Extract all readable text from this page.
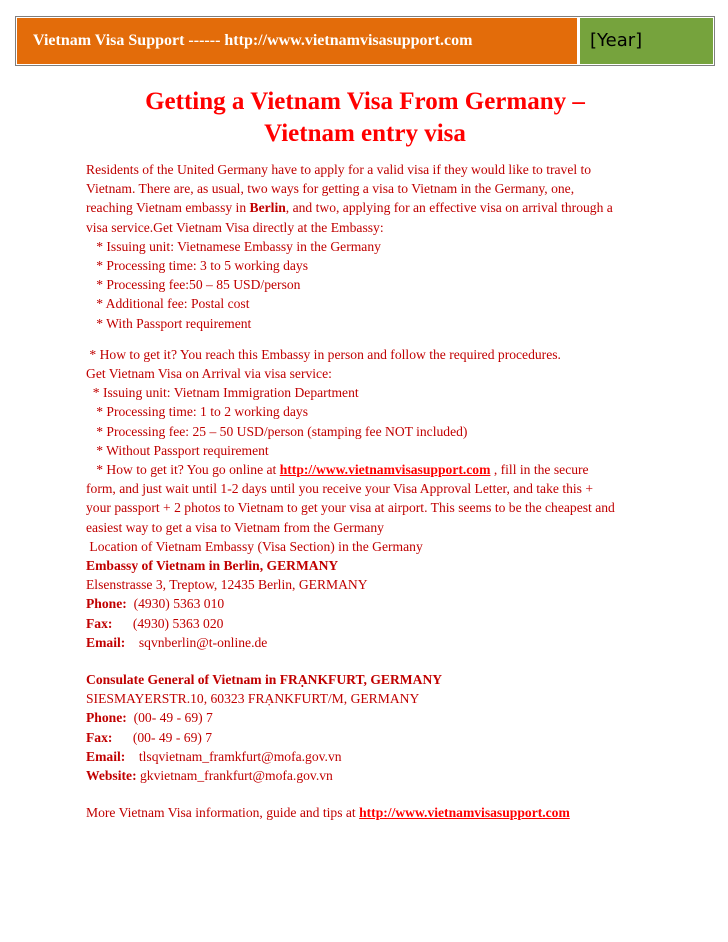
Vietnam Visa Support ------ http://www.vietnamvisasupport.com	[Year]
Getting a Vietnam Visa From Germany –
Vietnam entry visa

Residents of the United Germany have to apply for a valid visa if they would like to travel to

Vietnam. There are, as usual, two ways for getting a visa to Vietnam in the Germany, one,

reaching Vietnam embassy in Berlin, and two, applying for an effective visa on arrival through a

visa service.Get Vietnam Visa directly at the Embassy:

* Issuing unit: Vietnamese Embassy in the Germany

* Processing time: 3 to 5 working days

* Processing fee:50 – 85 USD/person

* Additional fee: Postal cost

* With Passport requirement

* How to get it? You reach this Embassy in person and follow the required procedures.

Get Vietnam Visa on Arrival via visa service:

* Issuing unit: Vietnam Immigration Department

* Processing time: 1 to 2 working days

* Processing fee: 25 – 50 USD/person (stamping fee NOT included)

* Without Passport requirement

* How to get it? You go online at http://www.vietnamvisasupport.com , fill in the secure

form, and just wait until 1-2 days until you receive your Visa Approval Letter, and take this +

your passport + 2 photos to Vietnam to get your visa at airport. This seems to be the cheapest and

easiest way to get a visa to Vietnam from the Germany

Location of Vietnam Embassy (Visa Section) in the Germany

Embassy of Vietnam in Berlin, GERMANY

Elsenstrasse 3, Treptow, 12435 Berlin, GERMANY

Phone:  (4930) 5363 010

Fax:      (4930) 5363 020

Email:    sqvnberlin@t-online.de

Consulate General of Vietnam in FRẠNKFURT, GERMANY

SIESMAYERSTR.10, 60323 FRẠNKFURT/M, GERMANY

Phone:  (00- 49 - 69) 7

Fax:      (00- 49 - 69) 7

Email:    tlsqvietnam_framkfurt@mofa.gov.vn

Website: gkvietnam_frankfurt@mofa.gov.vn

More Vietnam Visa information, guide and tips at http://www.vietnamvisasupport.com
